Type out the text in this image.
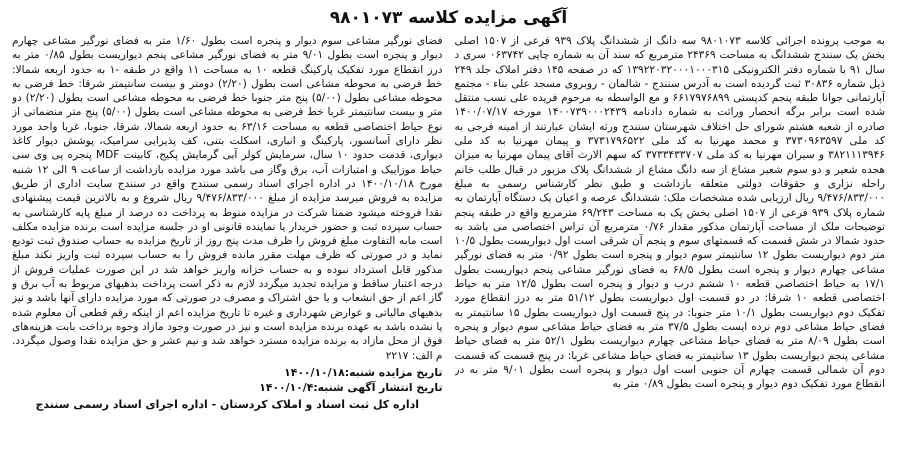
آگهی مزایده کلاسه ۹۸۰۱۰۷۳

به موجب پرونده اجرائی کلاسه ۹۸۰۱۰۷۳ سه دانگ از ششدانگ پلاک ۹۳۹ فرعی از ۱۵۰۷ اصلی بخش یک سنندج ششدانگ به مساحت ۲۴۳۶۹ مترمربع که سند آن به شماره چاپی ۰۶۳۷۴۲ سری د سال ۹۱ با شماره دفتر الکترونیکی ۱۳۹۲۲۰۳۲۰۰۰۱۰۰۰۳۱۵ که در صفحه ۱۴۵ دفتر املاک جلد ۲۴۹ ذیل شماره ۳۰۸۳۶ ثبت گردیده است به آدرس سنندج - شالمان - روبروی مسجد علی بناء - مجتمع آپارتمانی جوانا طبقه پنجم کدپستی ۶۶۱۷۹۷۶۸۹۹ و مع الواسطه به مرحوم فریده علی نسب منتقل شده است برابر برگه انحصار وراثت به شماره دادنامه ۱۴۰۰۷۳۹۰۰۰۲۴۳۹ مورخه ۱۴۰۰/۰۷/۱۷ صادره از شعبه هشتم شورای حل اختلاف شهرستان سنندج ورثه ایشان عبارتند از امینه فرجی به کد ملی ۳۷۳۰۹۶۳۵۹۷ و محمد مهرنیا به کد ملی ۳۷۳۱۷۹۶۵۲۲ و پیمان مهرنیا به کد ملی ۳۸۲۱۱۱۳۹۴۶ و سیران مهرنیا به کد ملی ۳۷۳۳۴۳۳۷۰۷ که سهم الارث آقای پیمان مهرنیا به میزان هجده شعیر و دو سوم شعیر مشاع از سه دانگ مشاع از ششدانگ پلاک مزبور در قبال طلب خانم راحله نزاری و حقوقات دولتی متعلقه بازداشت و طبق نظر کارشناس رسمی به مبلغ ۹/۴۷۶/۸۳۳/۰۰۰ ریال ارزیابی شده مشخصات ملک: ششدانگ عرصه و اعیان یک دستگاه آپارتمان به شماره پلاک ۹۳۹ فرعی از ۱۵۰۷ اصلی بخش یک به مساحت ۶۹/۲۴۳ مترمربع واقع در طبقه پنجم توضیحات ملک از مساحت آپارتمان مذکور مقدار ۰/۷۶ مترمربع آن تراس اختصاصی می باشد به حدود شمالا در شش قسمت که قسمتهای سوم و پنجم آن شرقی است اول دیواریست بطول ۱۰/۵ متر دوم دیواریست بطول ۱۲ سانتیمتر سوم دیوار و پنجره است بطول ۰/۹۲ متر به فضای نورگیر مشاعی چهارم دیوار و پنجره است بطول ۶۸/۵ به فضای نورگیر مشاعی پنجم دیواریست بطول ۱۷/۱ به حیاط اختصاصی قطعه ۱۰ ششم درب و دیوار و پنجره است بطول ۱۲/۵ متر به حیاط اختصاصی قطعه ۱۰ شرقا: در دو قسمت اول دیواریست بطول ۵۱/۱۲ متر به درز انقطاع مورد تفکیک دوم دیواریست بطول ۱۰/۱ متر جنوبا: در پنج قسمت اول دیواریست بطول ۱۵ سانتیمتر به فضای حیاط مشاعی دوم نرده ایست بطول ۳۷/۵ متر به فضای حیاط مشاعی سوم دیوار و پنجره است بطول ۸/۰۹ متر به فضای حیاط مشاعی چهارم دیواریست بطول ۵۲/۱ متر به فضای حیاط مشاعی پنجم دیواریست بطول ۱۳ سانتیمتر به فضای حیاط مشاعی غربا: در پنج قسمت که قسمت دوم آن شمالی قسمت چهارم آن جنوبی است اول دیوار و پنجره است بطول ۹/۰۱ متر به در انقطاع مورد تفکیک دوم دیوار و پنجره است بطول ۰/۸۹ متر به

فضای نورگیر مشاعی سوم دیوار و پنجره است بطول ۱/۶۰ متر به فضای نورگیر مشاعی چهارم دیوار و پنجره است بطول ۹/۰۱ متر به فضای نورگیر مشاعی پنجم دیواریست بطول ۰/۸۵ متر به درز انقطاع مورد تفکیک پارکینگ قطعه ۱۰ به مساحت ۱۱ واقع در طبقه -۱ به حدود اربعه شمالا: خط فرضی به محوطه مشاعی است بطول (۲/۲۰) دومتر و بیست سانتیمتر شرقا: خط فرضی به محوطه مشاعی بطول (۵/۰۰) پنج متر جنوبا خط فرضی به محوطه مشاعی است بطول (۲/۲۰) دو متر و بیست سانتیمتر غربا خط فرضی به محوطه مشاعی است بطول (۵/۰۰) پنج متر منضماتی از نوع حیاط اختصاصی قطعه به مساحت ۶۳/۱۶ به حدود اربعه شمالا، شرقا، جنوبا، غربا واحد مورد نظر دارای آسانسور، پارکینگ و انباری، اسکلت بتنی، کف پذیرایی سرامیک، پوشش دیوار کاغذ دیواری، قدمت حدود ۱۰ سال، سرمایش کولر آبی گرمایش پکیج، کابینت MDF پنجره پی وی سی حیاط موزاییک و امتیازات آب، برق وگاز می باشد مورد مزایده بازداشت از ساعت ۹ الی ۱۲ شنبه مورخ ۱۴۰۰/۱۰/۱۸ در اداره اجرای اسناد رسمی سنندج واقع در سنندج سایت اداری از طریق مزایده به فروش میرسد مزایده از مبلغ ۹/۴۷۶/۸۳۳/۰۰۰ ریال شروع و به بالاترین قیمت پیشنهادی نقدا فروخته میشود ضمنا شرکت در مزایده منوط به پرداخت ده درصد از مبلغ پایه کارشناسی به حساب سپرده ثبت و حضور خریدار یا نماینده قانونی او در جلسه مزایده است برنده مزایده مکلف است مابه التفاوت مبلغ فروش را ظرف مدت پنج روز از تاریخ مزایده به حساب صندوق ثبت تودیع نماید و در صورتی که ظرف مهلت مقرر مانده فروش را به حساب سپرده ثبت واریز نکند مبلغ مذکور قابل استرداد نبوده و به حساب خزانه واریز خواهد شد در این صورت عملیات فروش از درجه اعتبار ساقط و مزایده تجدید میگردد لازم به ذکر است پرداخت بدهیهای مربوط به آب برق و گاز اعم از حق انشعاب و یا حق اشتراک و مصرف در صورتی که مورد مزایده دارای آنها باشد و نیز بدهیهای مالیاتی و عوارض شهرداری و غیره تا تاریخ مزایده اعم از اینکه رقم قطعی آن معلوم شده یا نشده باشد به عهده برنده مزایده است و نیز در صورت وجود مازاد وجوه برداخت بابت هزینه‌های فوق از محل مازاد به برنده مزایده مسترد خواهد شد و نیم عشر و حق مزایده نقدا وصول میگردد. م الف: ۲۲۱۷

تاریخ مزایده شنبه:۱۴۰۰/۱۰/۱۸
تاریخ انتشار آگهی شنبه:۱۴۰۰/۱۰/۴
اداره کل ثبت اسناد و املاک کردستان - اداره اجرای اسناد رسمی سنندج
